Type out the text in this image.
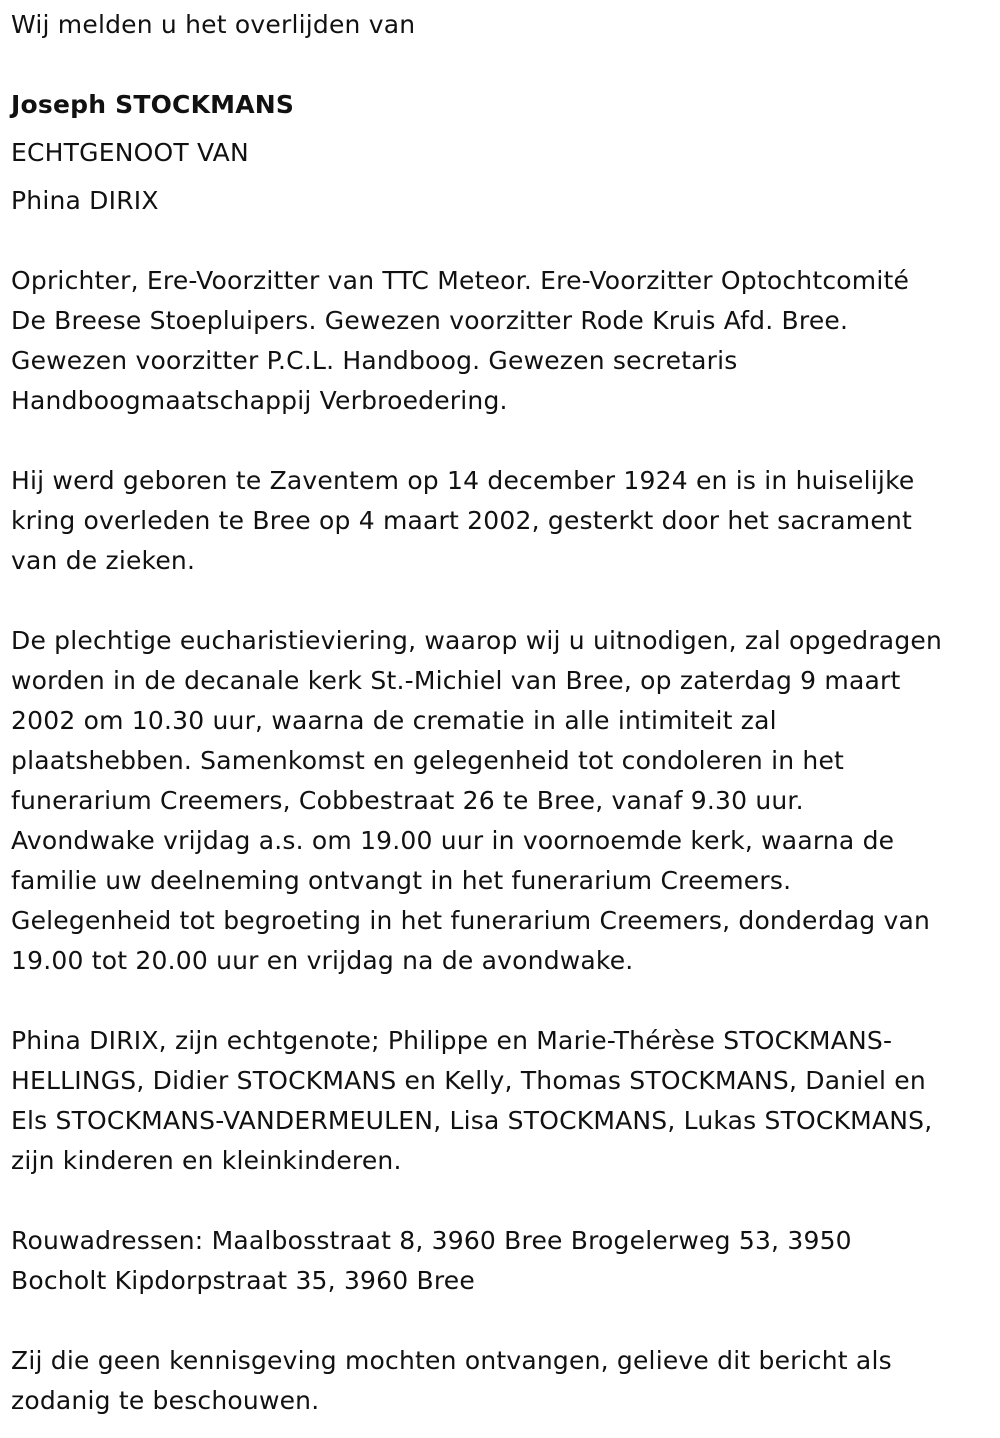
Wij melden u het overlijden van
Joseph STOCKMANS
ECHTGENOOT VAN
Phina DIRIX
Oprichter, Ere-Voorzitter van TTC Meteor. Ere-Voorzitter Optochtcomité
De Breese Stoepluipers. Gewezen voorzitter Rode Kruis Afd. Bree.
Gewezen voorzitter P.C.L. Handboog. Gewezen secretaris
Handboogmaatschappij Verbroedering.
Hij werd geboren te Zaventem op 14 december 1924 en is in huiselijke
kring overleden te Bree op 4 maart 2002, gesterkt door het sacrament
van de zieken.
De plechtige eucharistieviering, waarop wij u uitnodigen, zal opgedragen
worden in de decanale kerk St.-Michiel van Bree, op zaterdag 9 maart
2002 om 10.30 uur, waarna de crematie in alle intimiteit zal
plaatshebben. Samenkomst en gelegenheid tot condoleren in het
funerarium Creemers, Cobbestraat 26 te Bree, vanaf 9.30 uur.
Avondwake vrijdag a.s. om 19.00 uur in voornoemde kerk, waarna de
familie uw deelneming ontvangt in het funerarium Creemers.
Gelegenheid tot begroeting in het funerarium Creemers, donderdag van
19.00 tot 20.00 uur en vrijdag na de avondwake.
Phina DIRIX, zijn echtgenote; Philippe en Marie-Thérèse STOCKMANS-
HELLINGS, Didier STOCKMANS en Kelly, Thomas STOCKMANS, Daniel en
Els STOCKMANS-VANDERMEULEN, Lisa STOCKMANS, Lukas STOCKMANS,
zijn kinderen en kleinkinderen.
Rouwadressen: Maalbosstraat 8, 3960 Bree Brogelerweg 53, 3950
Bocholt Kipdorpstraat 35, 3960 Bree
Zij die geen kennisgeving mochten ontvangen, gelieve dit bericht als
zodanig te beschouwen.
